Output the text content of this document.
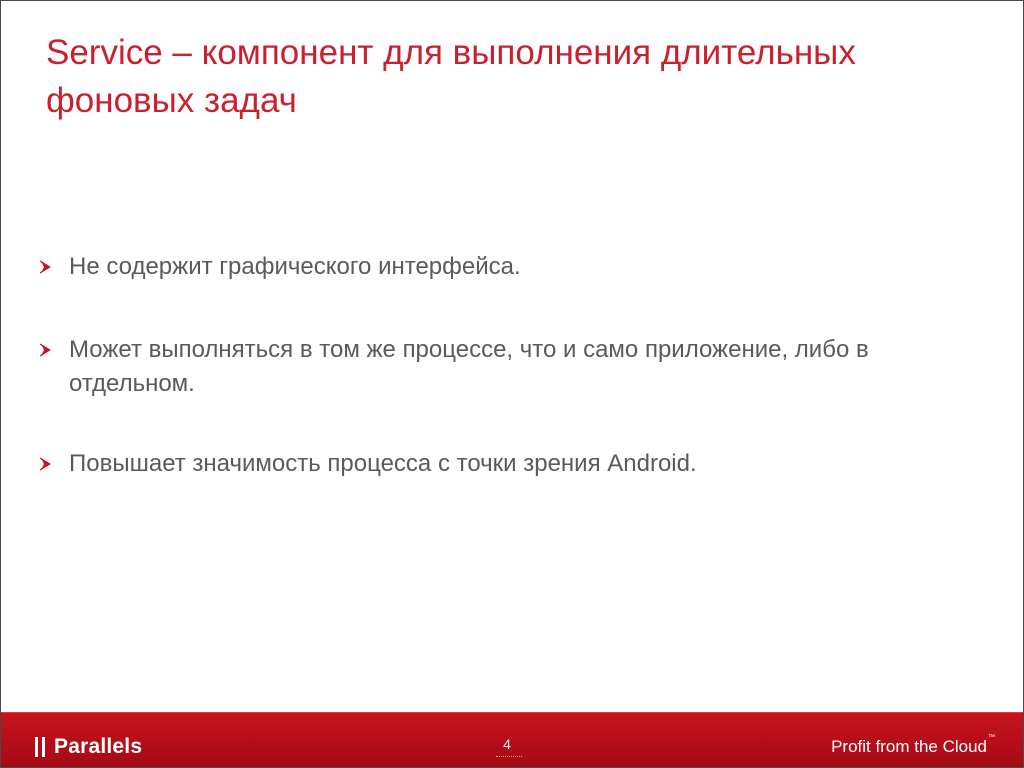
Service – компонент для выполнения длительных фоновых задач
Не содержит графического интерфейса.
Может выполняться в том же процессе, что и само приложение, либо в отдельном.
Повышает значимость процесса с точки зрения Android.
Parallels	4	Profit from the Cloud ™
